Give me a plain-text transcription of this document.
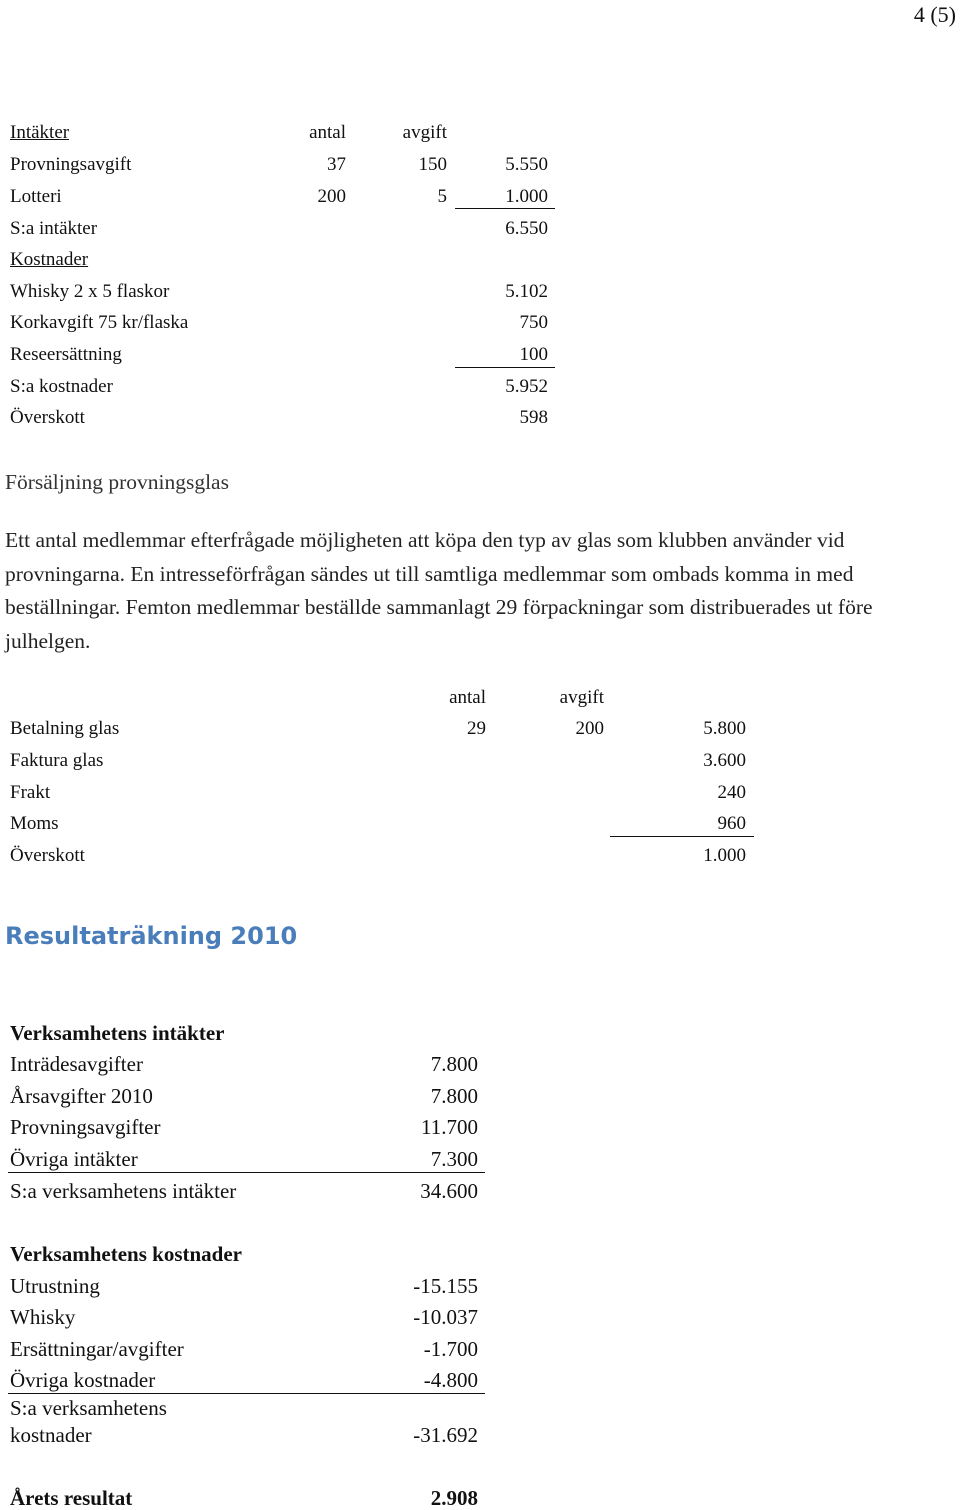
4 (5)
Intäkter	antal	avgift
Provningsavgift	37	150	5.550
Lotteri	200	5	1.000
S:a intäkter	6.550
Kostnader
Whisky 2 x 5 flaskor	5.102
Korkavgift 75 kr/flaska	750
Reseersättning	100
S:a kostnader	5.952
Överskott	598
Försäljning provningsglas
Ett antal medlemmar efterfrågade möjligheten att köpa den typ av glas som klubben använder vid provningarna. En intresseförfrågan sändes ut till samtliga medlemmar som ombads komma in med beställningar. Femton medlemmar beställde sammanlagt 29 förpackningar som distribuerades ut före julhelgen.
antal	avgift
Betalning glas	29	200	5.800
Faktura glas	3.600
Frakt	240
Moms	960
Överskott	1.000
Resultaträkning 2010
Verksamhetens intäkter
Inträdesavgifter	7.800
Årsavgifter 2010	7.800
Provningsavgifter	11.700
Övriga intäkter	7.300
S:a verksamhetens intäkter	34.600
Verksamhetens kostnader
Utrustning	-15.155
Whisky	-10.037
Ersättningar/avgifter	-1.700
Övriga kostnader	-4.800
S:a verksamhetens
kostnader	-31.692
Årets resultat	2.908
